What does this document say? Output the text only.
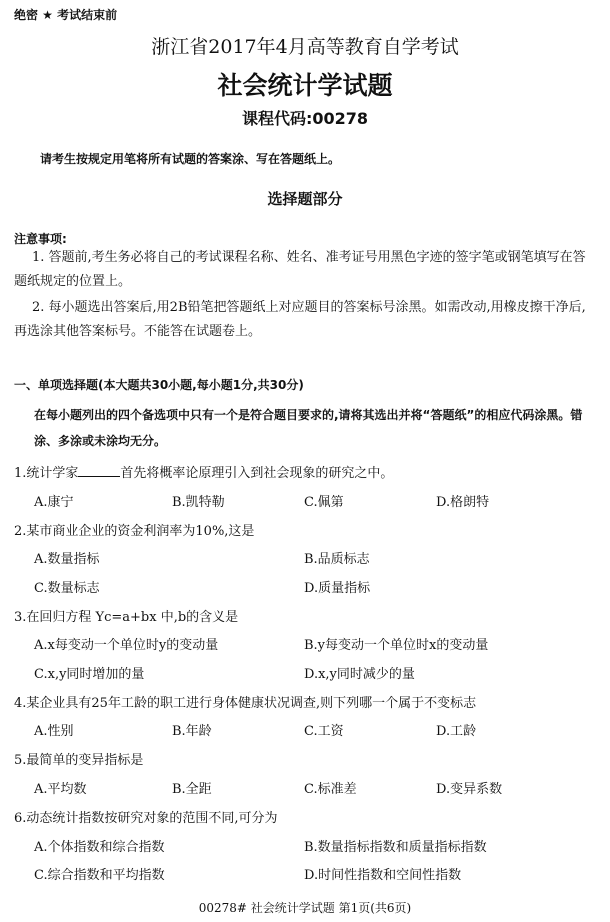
绝密 ★ 考试结束前
浙江省2017年4月高等教育自学考试
社会统计学试题
课程代码:00278
请考生按规定用笔将所有试题的答案涂、写在答题纸上。
选择题部分
注意事项:
1. 答题前,考生务必将自己的考试课程名称、姓名、准考证号用黑色字迹的签字笔或钢笔填写在答题纸规定的位置上。
2. 每小题选出答案后,用2B铅笔把答题纸上对应题目的答案标号涂黑。如需改动,用橡皮擦干净后,再选涂其他答案标号。不能答在试题卷上。
一、单项选择题(本大题共30小题,每小题1分,共30分)
在每小题列出的四个备选项中只有一个是符合题目要求的,请将其选出并将“答题纸”的相应代码涂黑。错涂、多涂或未涂均无分。
1.统计学家	首先将概率论原理引入到社会现象的研究之中。
A.康宁	B.凯特勒	C.佩第	D.格朗特
2.某市商业企业的资金利润率为10%,这是
A.数量指标	B.品质标志
C.数量标志	D.质量指标
3.在回归方程 Yc=a+bx 中,b的含义是
A.x每变动一个单位时y的变动量	B.y每变动一个单位时x的变动量
C.x,y同时增加的量	D.x,y同时减少的量
4.某企业具有25年工龄的职工进行身体健康状况调查,则下列哪一个属于不变标志
A.性别	B.年龄	C.工资	D.工龄
5.最简单的变异指标是
A.平均数	B.全距	C.标准差	D.变异系数
6.动态统计指数按研究对象的范围不同,可分为
A.个体指数和综合指数	B.数量指标指数和质量指标指数
C.综合指数和平均指数	D.时间性指数和空间性指数
00278# 社会统计学试题 第1页(共6页)
